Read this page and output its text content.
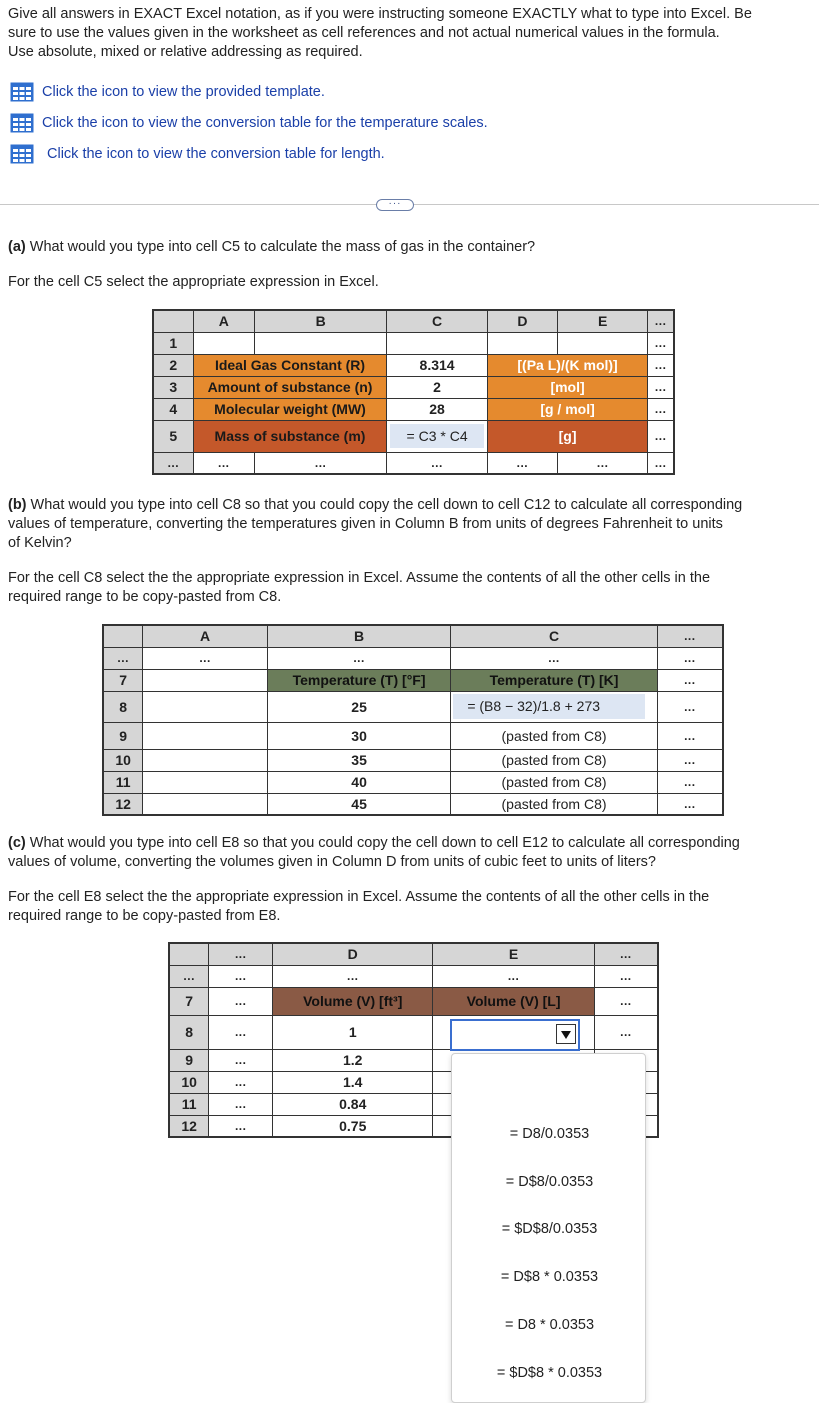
Give all answers in EXACT Excel notation, as if you were instructing someone EXACTLY what to type into Excel. Be
sure to use the values given in the worksheet as cell references and not actual numerical values in the formula.
Use absolute, mixed or relative addressing as required.
Click the icon to view the provided template.
Click the icon to view the conversion table for the temperature scales.
Click the icon to view the conversion table for length.
···
(a) What would you type into cell C5 to calculate the mass of gas in the container?
For the cell C5 select the appropriate expression in Excel.
	A	B	C	D	E	...
1						...
2	Ideal Gas Constant (R)		8.314	[(Pa L)/(K mol)]		...
3	Amount of substance (n)		2	[mol]		...
4	Molecular weight (MW)		28	[g / mol]		...
5	Mass of substance (m)		= C3 * C4	[g]		...
...	...	...	...	...	...	...
(b) What would you type into cell C8 so that you could copy the cell down to cell C12 to calculate all corresponding
values of temperature, converting the temperatures given in Column B from units of degrees Fahrenheit to units
of Kelvin?
For the cell C8 select the the appropriate expression in Excel. Assume the contents of all the other cells in the
required range to be copy-pasted from C8.
	A	B	C	...
...	...	...	...	...
7		Temperature (T) [°F]	Temperature (T) [K]	...
8		25	= (B8 − 32)/1.8 + 273	...
9		30	(pasted from C8)	...
10		35	(pasted from C8)	...
11		40	(pasted from C8)	...
12		45	(pasted from C8)	...
(c) What would you type into cell E8 so that you could copy the cell down to cell E12 to calculate all corresponding
values of volume, converting the volumes given in Column D from units of cubic feet to units of liters?
For the cell E8 select the the appropriate expression in Excel. Assume the contents of all the other cells in the
required range to be copy-pasted from E8.
	...	D	E	...
...	...	...	...	...
7	...	Volume (V) [ft³]	Volume (V) [L]	...
8	...	1		...
9	...	1.2		
10	...	1.4		
11	...	0.84		
12	...	0.75		
= D8/0.0353
= D$8/0.0353
= $D$8/0.0353
= D$8 * 0.0353
= D8 * 0.0353
= $D$8 * 0.0353
